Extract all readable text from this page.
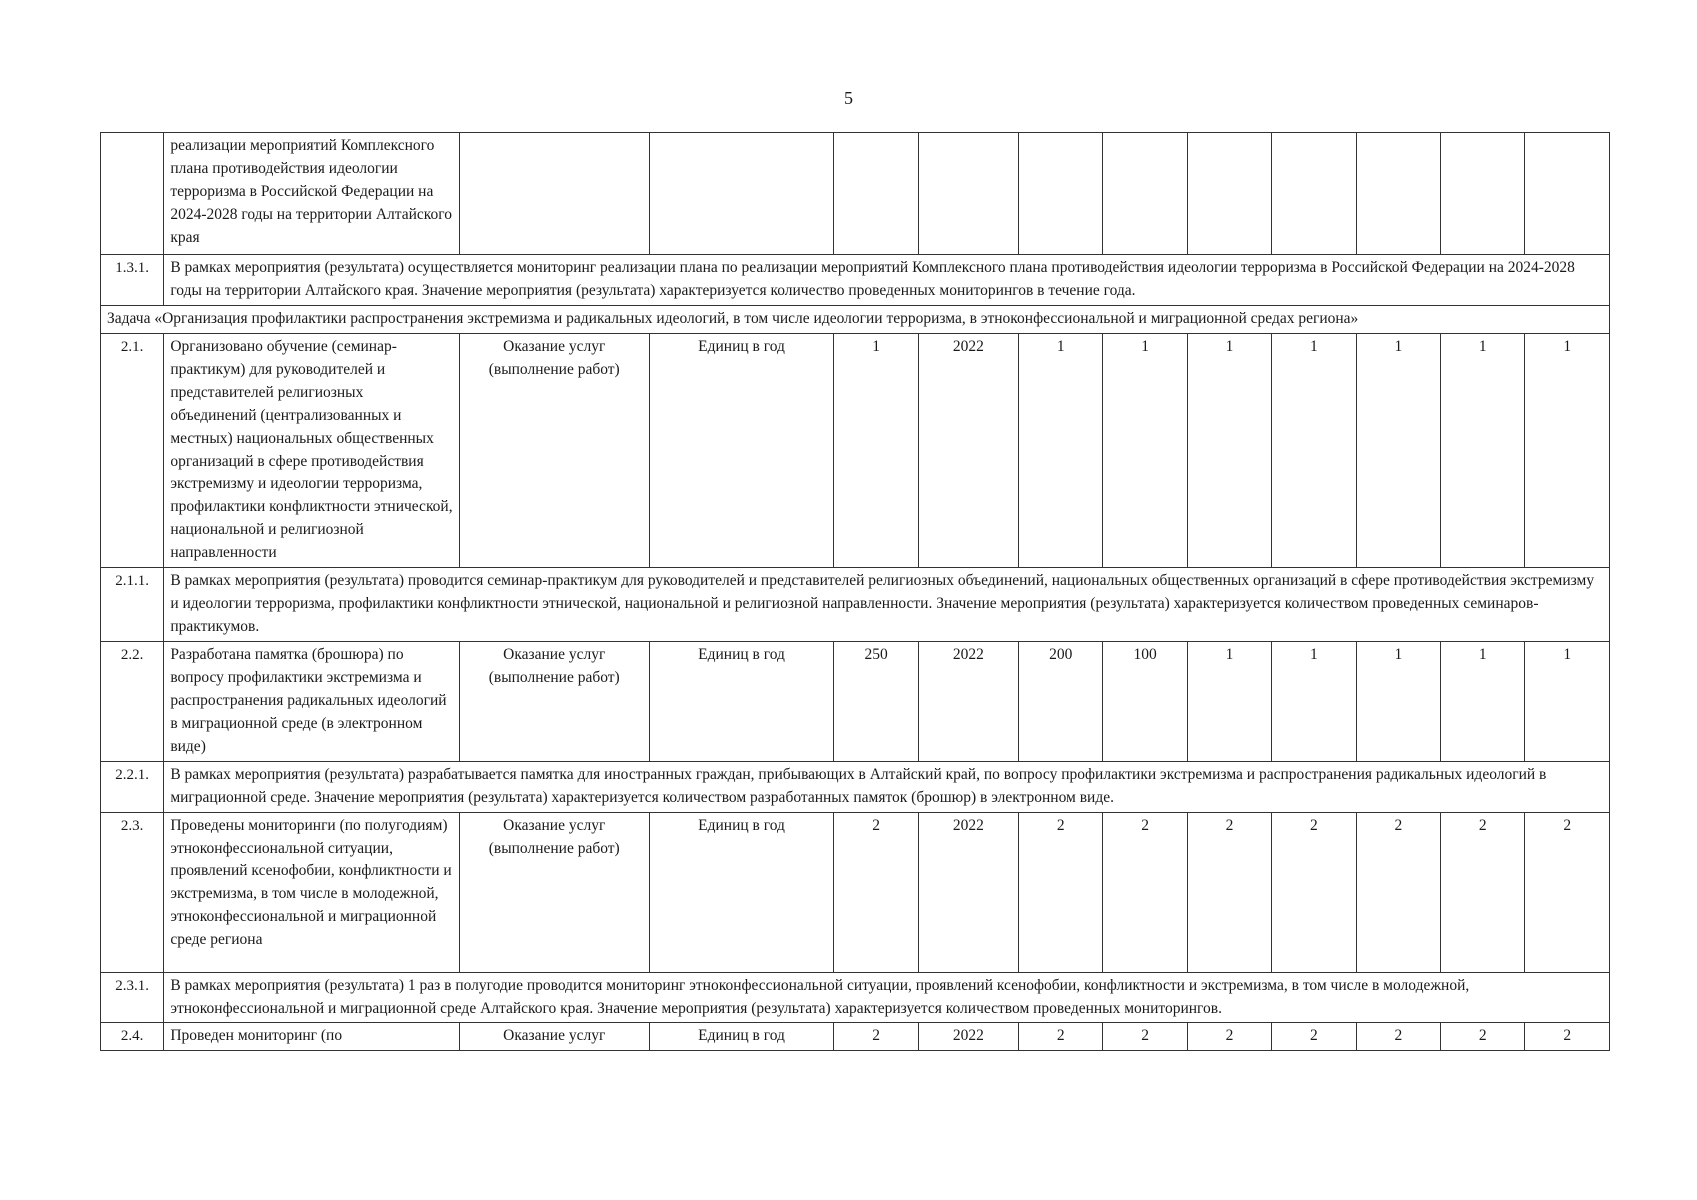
5
	реализации мероприятий Комплексного плана противодействия идеологии терроризма в Российской Федерации на 2024-2028 годы на территории Алтайского края											
1.3.1.	В рамках мероприятия (результата) осуществляется мониторинг реализации плана по реализации мероприятий Комплексного плана противодействия идеологии терроризма в Российской Федерации на 2024-2028 годы на территории Алтайского края. Значение мероприятия (результата) характеризуется количество проведенных мониторингов в течение года.											
Задача «Организация профилактики распространения экстремизма и радикальных идеологий, в том числе идеологии терроризма, в этноконфессиональной и миграционной средах региона»												
2.1.	Организовано обучение (семинар-практикум) для руководителей и представителей религиозных объединений (централизованных и местных) национальных общественных организаций в сфере противодействия экстремизму и идеологии терроризма, профилактики конфликтности этнической, национальной и религиозной направленности	Оказание услуг (выполнение работ)	Единиц в год	1	2022	1	1	1	1	1	1	1
2.1.1.	В рамках мероприятия (результата) проводится семинар-практикум для руководителей и представителей религиозных объединений, национальных общественных организаций в сфере противодействия экстремизму и идеологии терроризма, профилактики конфликтности этнической, национальной и религиозной направленности. Значение мероприятия (результата) характеризуется количеством проведенных семинаров-практикумов.											
2.2.	Разработана памятка (брошюра) по вопросу профилактики экстремизма и распространения радикальных идеологий в миграционной среде (в электронном виде)	Оказание услуг (выполнение работ)	Единиц в год	250	2022	200	100	1	1	1	1	1
2.2.1.	В рамках мероприятия (результата) разрабатывается памятка для иностранных граждан, прибывающих в Алтайский край, по вопросу профилактики экстремизма и распространения радикальных идеологий в миграционной среде. Значение мероприятия (результата) характеризуется количеством разработанных памяток (брошюр) в электронном виде.											
2.3.	Проведены мониторинги (по полугодиям) этноконфессиональной ситуации, проявлений ксенофобии, конфликтности и экстремизма, в том числе в молодежной, этноконфессиональной и миграционной среде региона	Оказание услуг (выполнение работ)	Единиц в год	2	2022	2	2	2	2	2	2	2
2.3.1.	В рамках мероприятия (результата) 1 раз в полугодие проводится мониторинг этноконфессиональной ситуации, проявлений ксенофобии, конфликтности и экстремизма, в том числе в молодежной, этноконфессиональной и миграционной среде Алтайского края. Значение мероприятия (результата) характеризуется количеством проведенных мониторингов.											
2.4.	Проведен мониторинг (по	Оказание услуг	Единиц в год	2	2022	2	2	2	2	2	2	2
